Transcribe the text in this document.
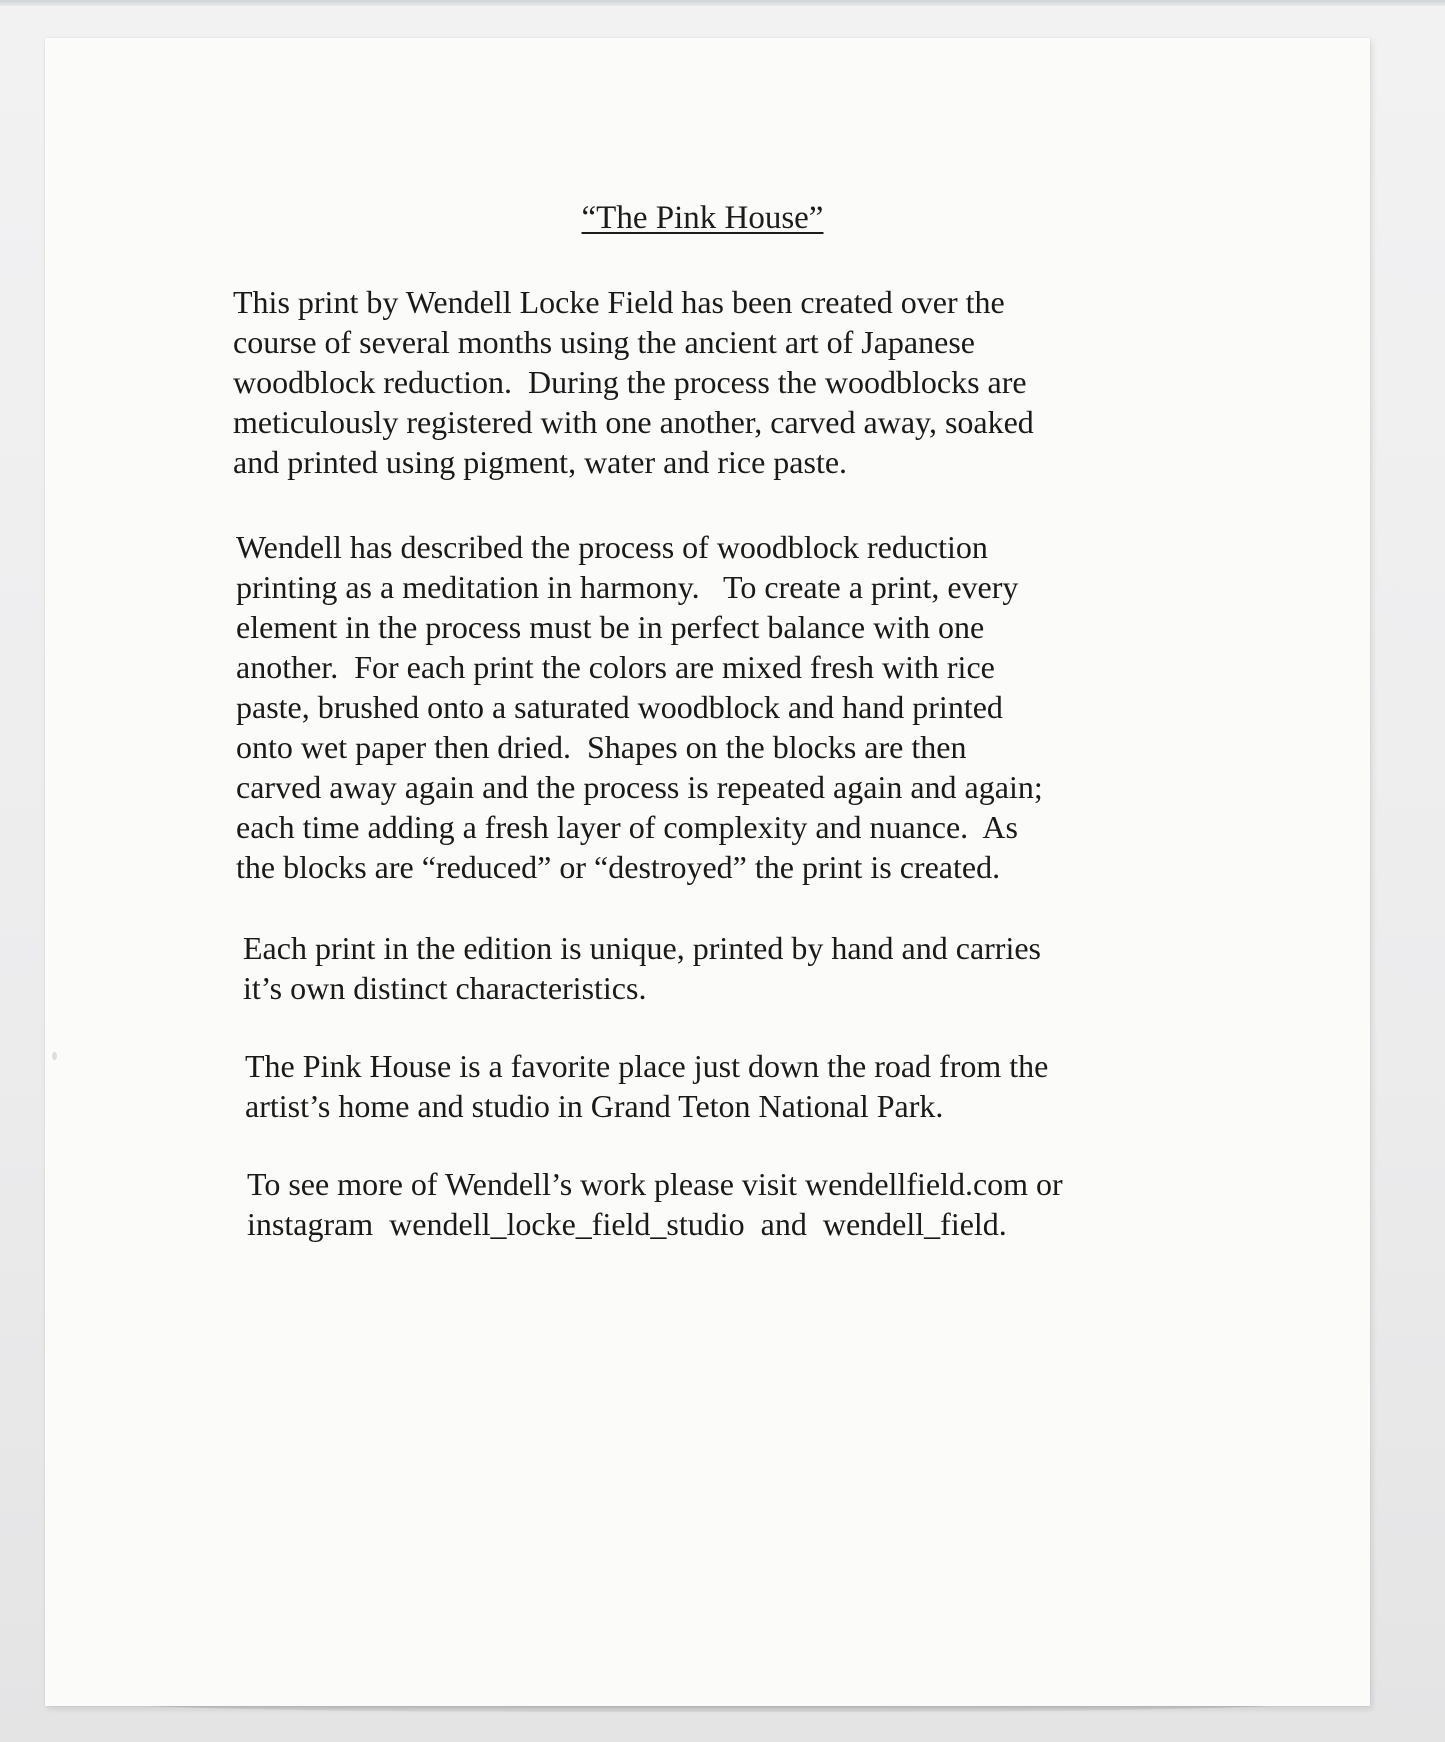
“The Pink House”

This print by Wendell Locke Field has been created over the
course of several months using the ancient art of Japanese
woodblock reduction.  During the process the woodblocks are
meticulously registered with one another, carved away, soaked
and printed using pigment, water and rice paste.

Wendell has described the process of woodblock reduction
printing as a meditation in harmony.   To create a print, every
element in the process must be in perfect balance with one
another.  For each print the colors are mixed fresh with rice
paste, brushed onto a saturated woodblock and hand printed
onto wet paper then dried.  Shapes on the blocks are then
carved away again and the process is repeated again and again;
each time adding a fresh layer of complexity and nuance.  As
the blocks are “reduced” or “destroyed” the print is created.

Each print in the edition is unique, printed by hand and carries
it’s own distinct characteristics.

The Pink House is a favorite place just down the road from the
artist’s home and studio in Grand Teton National Park.

To see more of Wendell’s work please visit wendellfield.com or
instagram  wendell_locke_field_studio  and  wendell_field.
